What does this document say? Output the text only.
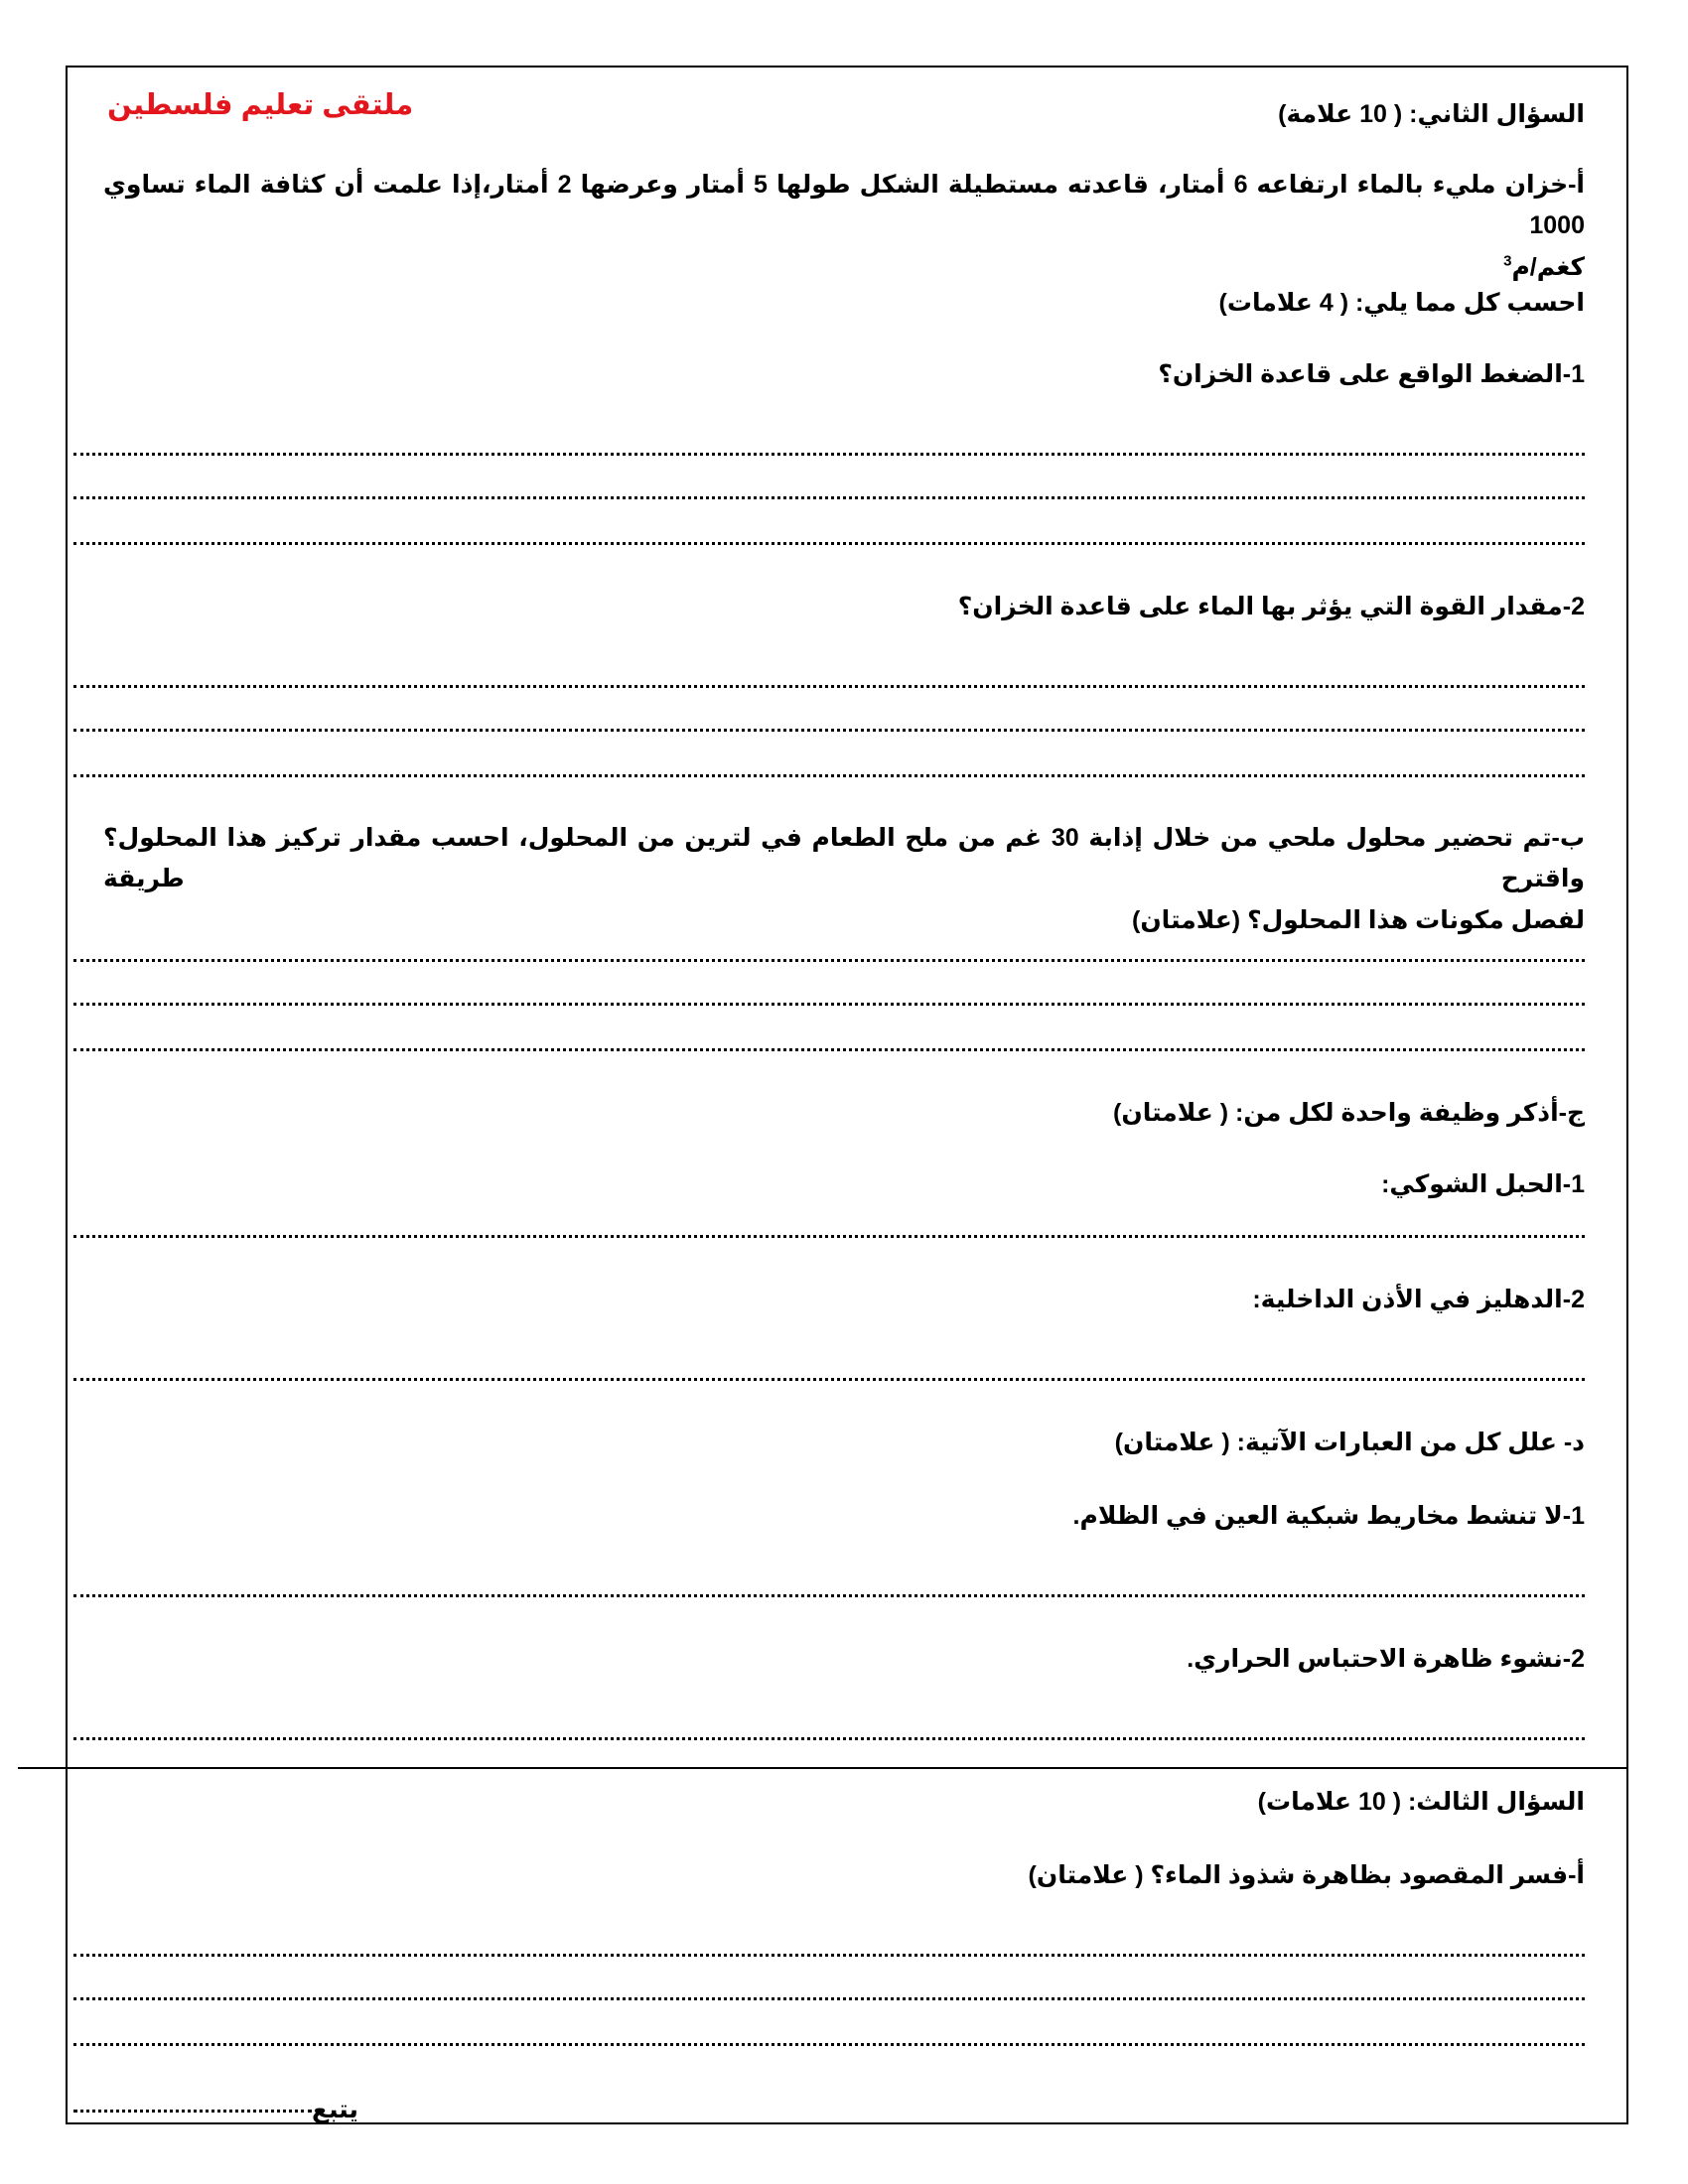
ملتقى تعليم فلسطين	السؤال الثاني: ( 10 علامة)
أ-خزان مليء بالماء ارتفاعه 6 أمتار، قاعدته مستطيلة الشكل طولها 5 أمتار وعرضها 2 أمتار،إذا علمت أن كثافة الماء تساوي 1000
كغم/م$^3$
احسب كل مما يلي: ( 4 علامات)
1-الضغط الواقع على قاعدة الخزان؟
2-مقدار القوة التي يؤثر بها الماء على قاعدة الخزان؟
ب-تم تحضير محلول ملحي من خلال إذابة 30 غم من ملح الطعام في لترين من المحلول، احسب مقدار تركيز هذا المحلول؟ واقترح طريقة
لفصل مكونات هذا المحلول؟ (علامتان)
ج-أذكر وظيفة واحدة لكل من: ( علامتان)
1-الحبل الشوكي:
2-الدهليز في الأذن الداخلية:
د- علل كل من العبارات الآتية: ( علامتان)
1-لا تنشط مخاريط شبكية العين في الظلام.
2-نشوء ظاهرة الاحتباس الحراري.
السؤال الثالث: ( 10 علامات)
أ-فسر المقصود بظاهرة شذوذ الماء؟ ( علامتان)
يتبع
